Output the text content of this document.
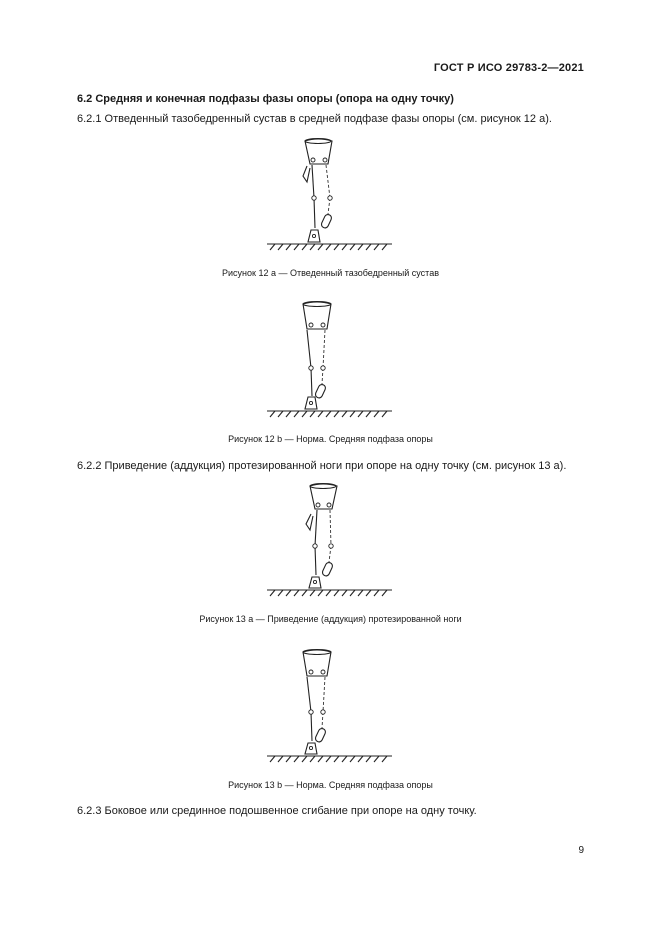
ГОСТ Р ИСО 29783-2—2021
6.2 Средняя и конечная подфазы фазы опоры (опора на одну точку)
6.2.1 Отведенный тазобедренный сустав в средней подфазе фазы опоры (см. рисунок 12 а).
Рисунок 12 а — Отведенный тазобедренный сустав
Рисунок 12 b — Норма. Средняя подфаза опоры
6.2.2 Приведение (аддукция) протезированной ноги при опоре на одну точку (см. рисунок 13 а).
Рисунок 13 а — Приведение (аддукция) протезированной ноги
Рисунок 13 b — Норма. Средняя подфаза опоры
6.2.3 Боковое или срединное подошвенное сгибание при опоре на одну точку.
9
